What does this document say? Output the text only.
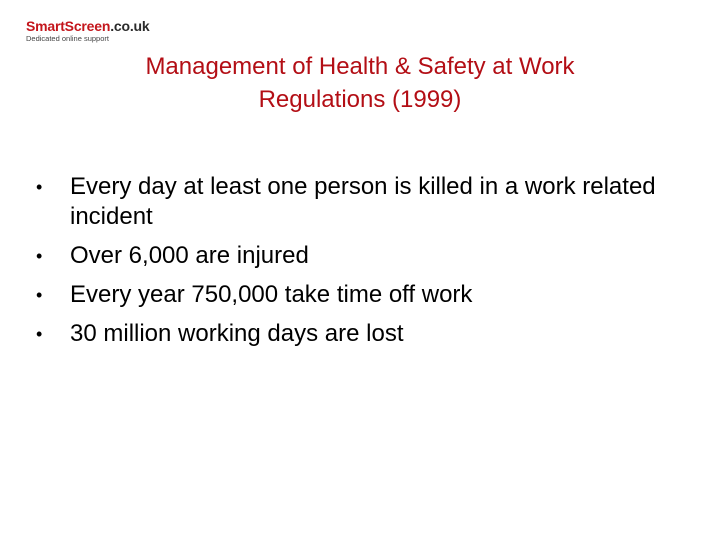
SmartScreen.co.uk
Dedicated online support
Management of Health & Safety at Work
Regulations (1999)
•	Every day at least one person is killed in a work related incident
•	Over 6,000 are injured
•	Every year 750,000 take time off work
•	30 million working days are lost
